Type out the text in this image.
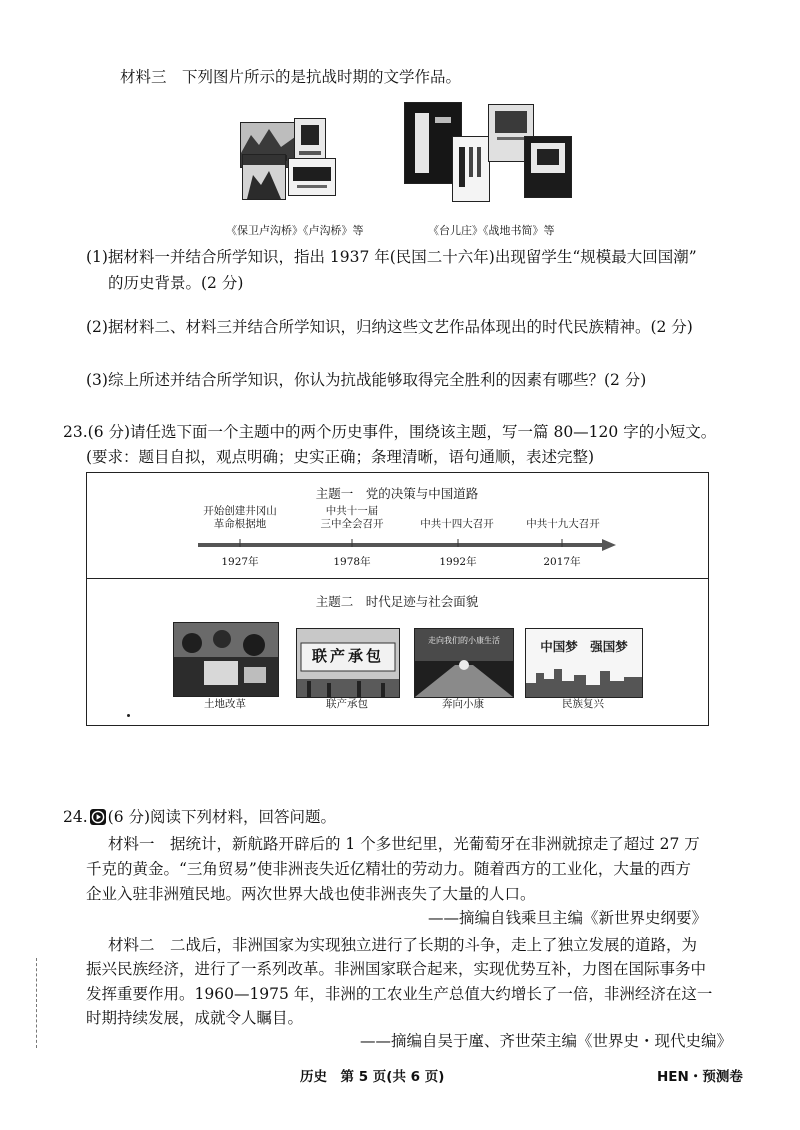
材料三　下列图片所示的是抗战时期的文学作品。
《保卫卢沟桥》《卢沟桥》等	《台儿庄》《战地书简》等
(1)据材料一并结合所学知识，指出 1937 年(民国二十六年)出现留学生“规模最大回国潮”
的历史背景。(2 分)
(2)据材料二、材料三并结合所学知识，归纳这些文艺作品体现出的时代民族精神。(2 分)
(3)综上所述并结合所学知识，你认为抗战能够取得完全胜利的因素有哪些？(2 分)
23.(6 分)请任选下面一个主题中的两个历史事件，围绕该主题，写一篇 80—120 字的小短文。
(要求：题目自拟，观点明确；史实正确；条理清晰，语句通顺，表述完整)
主题一　党的决策与中国道路
开始创建井冈山
革命根据地
中共十一届
三中全会召开	中共十四大召开	中共十九大召开
1927年	1978年	1992年	2017年
主题二　时代足迹与社会面貌
联产承包
走向我们的小康生活	中国梦　强国梦
土地改革	联产承包	奔向小康	民族复兴
24. (6 分)阅读下列材料，回答问题。
材料一　据统计，新航路开辟后的 1 个多世纪里，光葡萄牙在非洲就掠走了超过 27 万
千克的黄金。“三角贸易”使非洲丧失近亿精壮的劳动力。随着西方的工业化，大量的西方
企业入驻非洲殖民地。两次世界大战也使非洲丧失了大量的人口。
——摘编自钱乘旦主编《新世界史纲要》
材料二　二战后，非洲国家为实现独立进行了长期的斗争，走上了独立发展的道路，为
振兴民族经济，进行了一系列改革。非洲国家联合起来，实现优势互补，力图在国际事务中
发挥重要作用。1960—1975 年，非洲的工农业生产总值大约增长了一倍，非洲经济在这一
时期持续发展，成就令人瞩目。
——摘编自吴于廑、齐世荣主编《世界史・现代史编》
历史　第 5 页(共 6 页)	HEN・预测卷
